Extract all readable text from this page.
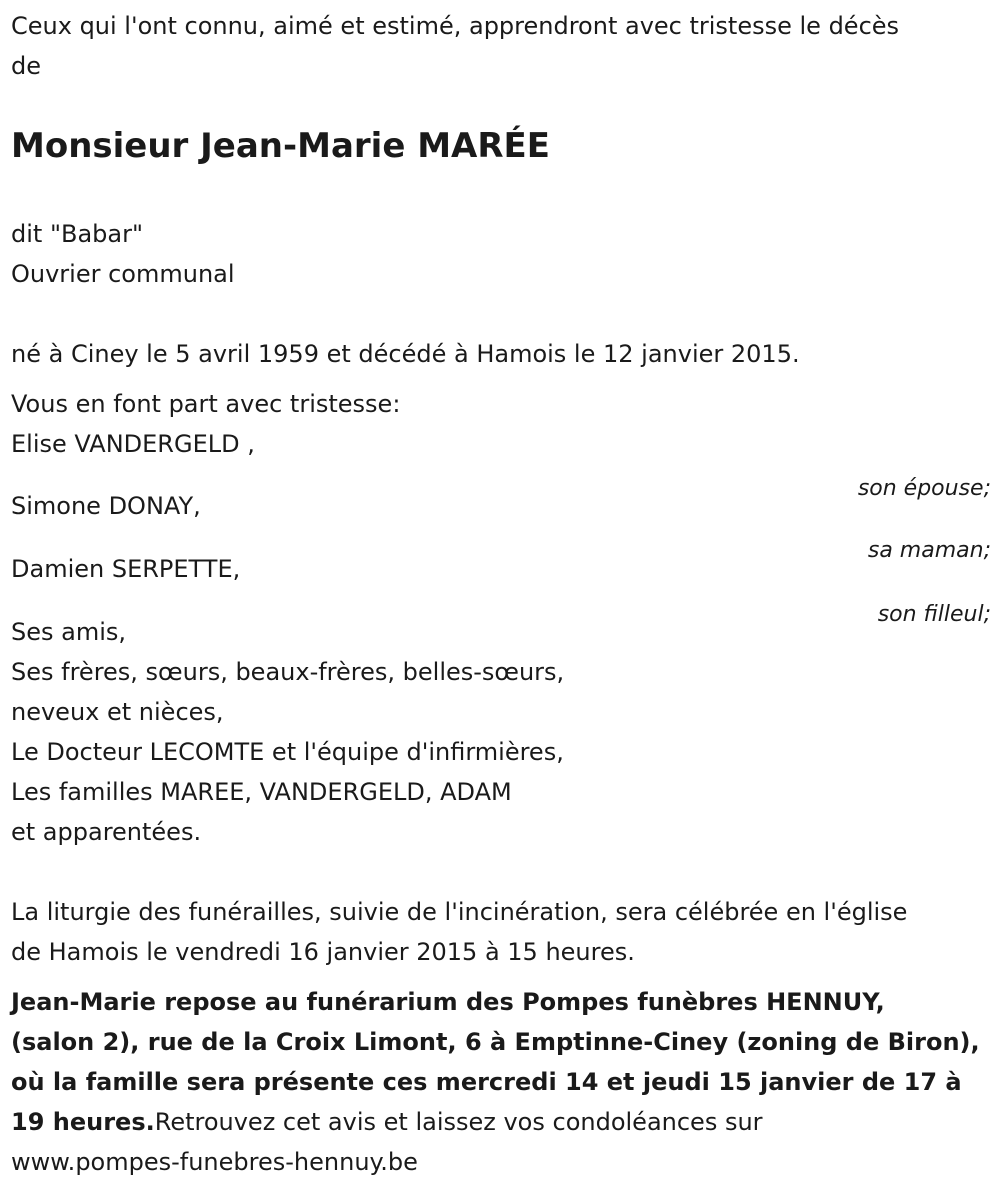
Ceux qui l'ont connu, aimé et estimé, apprendront avec tristesse le décès

de

Monsieur Jean-Marie MARÉE

dit "Babar"

Ouvrier communal

né à Ciney le 5 avril 1959 et décédé à Hamois le 12 janvier 2015.

Vous en font part avec tristesse:

Elise VANDERGELD ,

son épouse;

Simone DONAY,

sa maman;

Damien SERPETTE,

son filleul;

Ses amis,

Ses frères, sœurs, beaux-frères, belles-sœurs,

neveux et nièces,

Le Docteur LECOMTE et l'équipe d'infirmières,

Les familles MAREE, VANDERGELD, ADAM

et apparentées.

La liturgie des funérailles, suivie de l'incinération, sera célébrée en l'église

de Hamois le vendredi 16 janvier 2015 à 15 heures.

Jean-Marie repose au funérarium des Pompes funèbres HENNUY,

(salon 2), rue de la Croix Limont, 6 à Emptinne-Ciney (zoning de Biron),

où la famille sera présente ces mercredi 14 et jeudi 15 janvier de 17 à

19 heures.Retrouvez cet avis et laissez vos condoléances sur

www.pompes-funebres-hennuy.be
